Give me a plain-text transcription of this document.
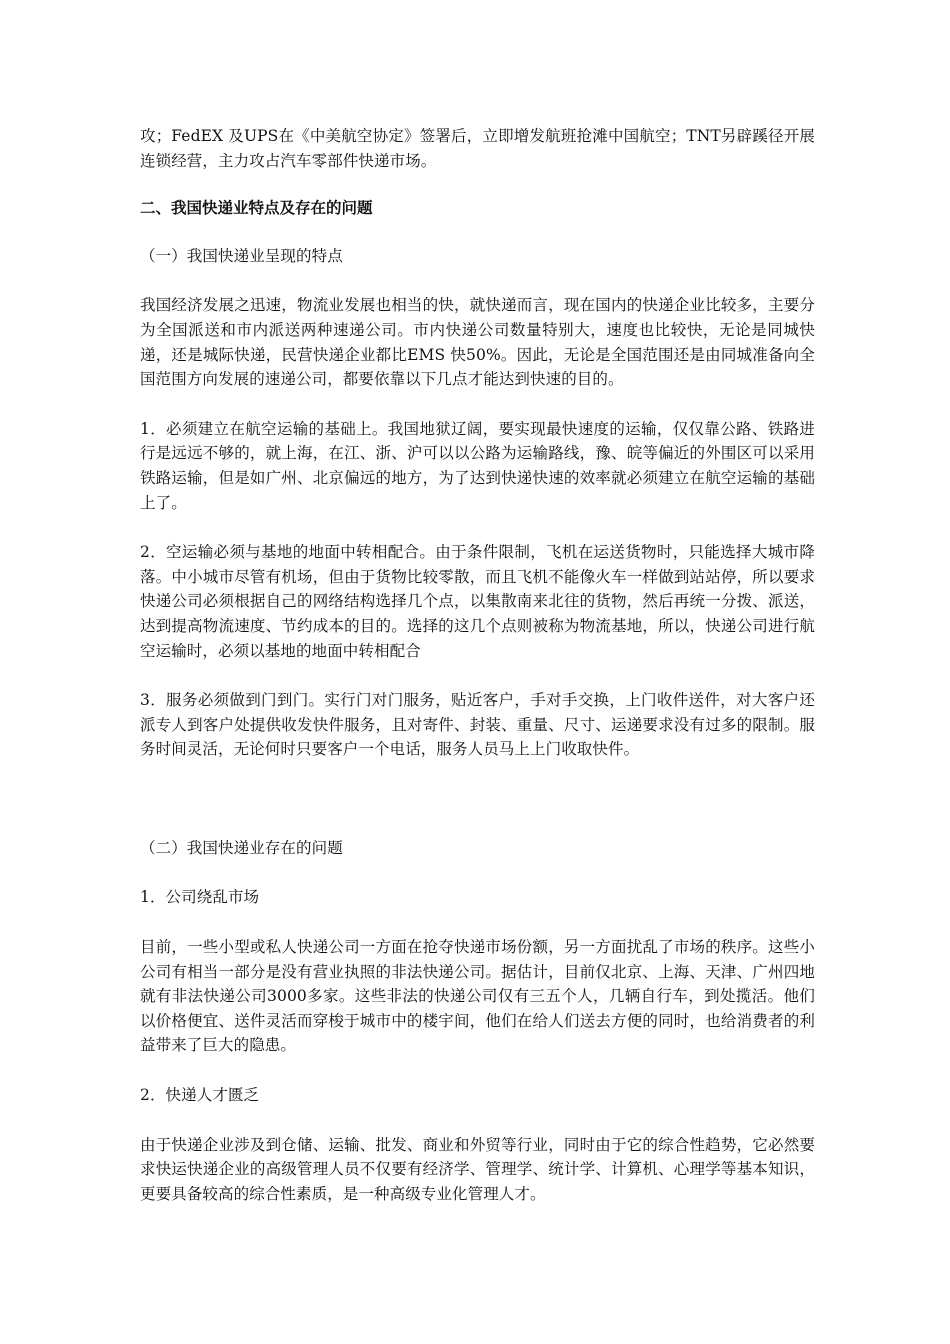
攻；FedEX 及UPS在《中美航空协定》签署后，立即增发航班抢滩中国航空；TNT另辟蹊径开展连锁经营，主力攻占汽车零部件快递市场。

二、我国快递业特点及存在的问题

（一）我国快递业呈现的特点

我国经济发展之迅速，物流业发展也相当的快，就快递而言，现在国内的快递企业比较多，主要分为全国派送和市内派送两种速递公司。市内快递公司数量特别大，速度也比较快，无论是同城快递，还是城际快递，民营快递企业都比EMS 快50%。因此，无论是全国范围还是由同城准备向全国范围方向发展的速递公司，都要依靠以下几点才能达到快速的目的。

1．必须建立在航空运输的基础上。我国地狱辽阔，要实现最快速度的运输，仅仅靠公路、铁路进行是远远不够的，就上海，在江、浙、沪可以以公路为运输路线，豫、皖等偏近的外围区可以采用铁路运输，但是如广州、北京偏远的地方，为了达到快递快速的效率就必须建立在航空运输的基础上了。

2．空运输必须与基地的地面中转相配合。由于条件限制，飞机在运送货物时，只能选择大城市降落。中小城市尽管有机场，但由于货物比较零散，而且飞机不能像火车一样做到站站停，所以要求快递公司必须根据自己的网络结构选择几个点，以集散南来北往的货物，然后再统一分拨、派送，达到提高物流速度、节约成本的目的。选择的这几个点则被称为物流基地，所以，快递公司进行航空运输时，必须以基地的地面中转相配合

3．服务必须做到门到门。实行门对门服务，贴近客户，手对手交换，上门收件送件，对大客户还派专人到客户处提供收发快件服务，且对寄件、封装、重量、尺寸、运递要求没有过多的限制。服务时间灵活，无论何时只要客户一个电话，服务人员马上上门收取快件。

（二）我国快递业存在的问题

1．公司绕乱市场

目前，一些小型或私人快递公司一方面在抢夺快递市场份额，另一方面扰乱了市场的秩序。这些小公司有相当一部分是没有营业执照的非法快递公司。据估计，目前仅北京、上海、天津、广州四地就有非法快递公司3000多家。这些非法的快递公司仅有三五个人，几辆自行车，到处揽活。他们以价格便宜、送件灵活而穿梭于城市中的楼宇间，他们在给人们送去方便的同时，也给消费者的利益带来了巨大的隐患。

2．快递人才匮乏

由于快递企业涉及到仓储、运输、批发、商业和外贸等行业，同时由于它的综合性趋势，它必然要求快运快递企业的高级管理人员不仅要有经济学、管理学、统计学、计算机、心理学等基本知识，更要具备较高的综合性素质，是一种高级专业化管理人才。
